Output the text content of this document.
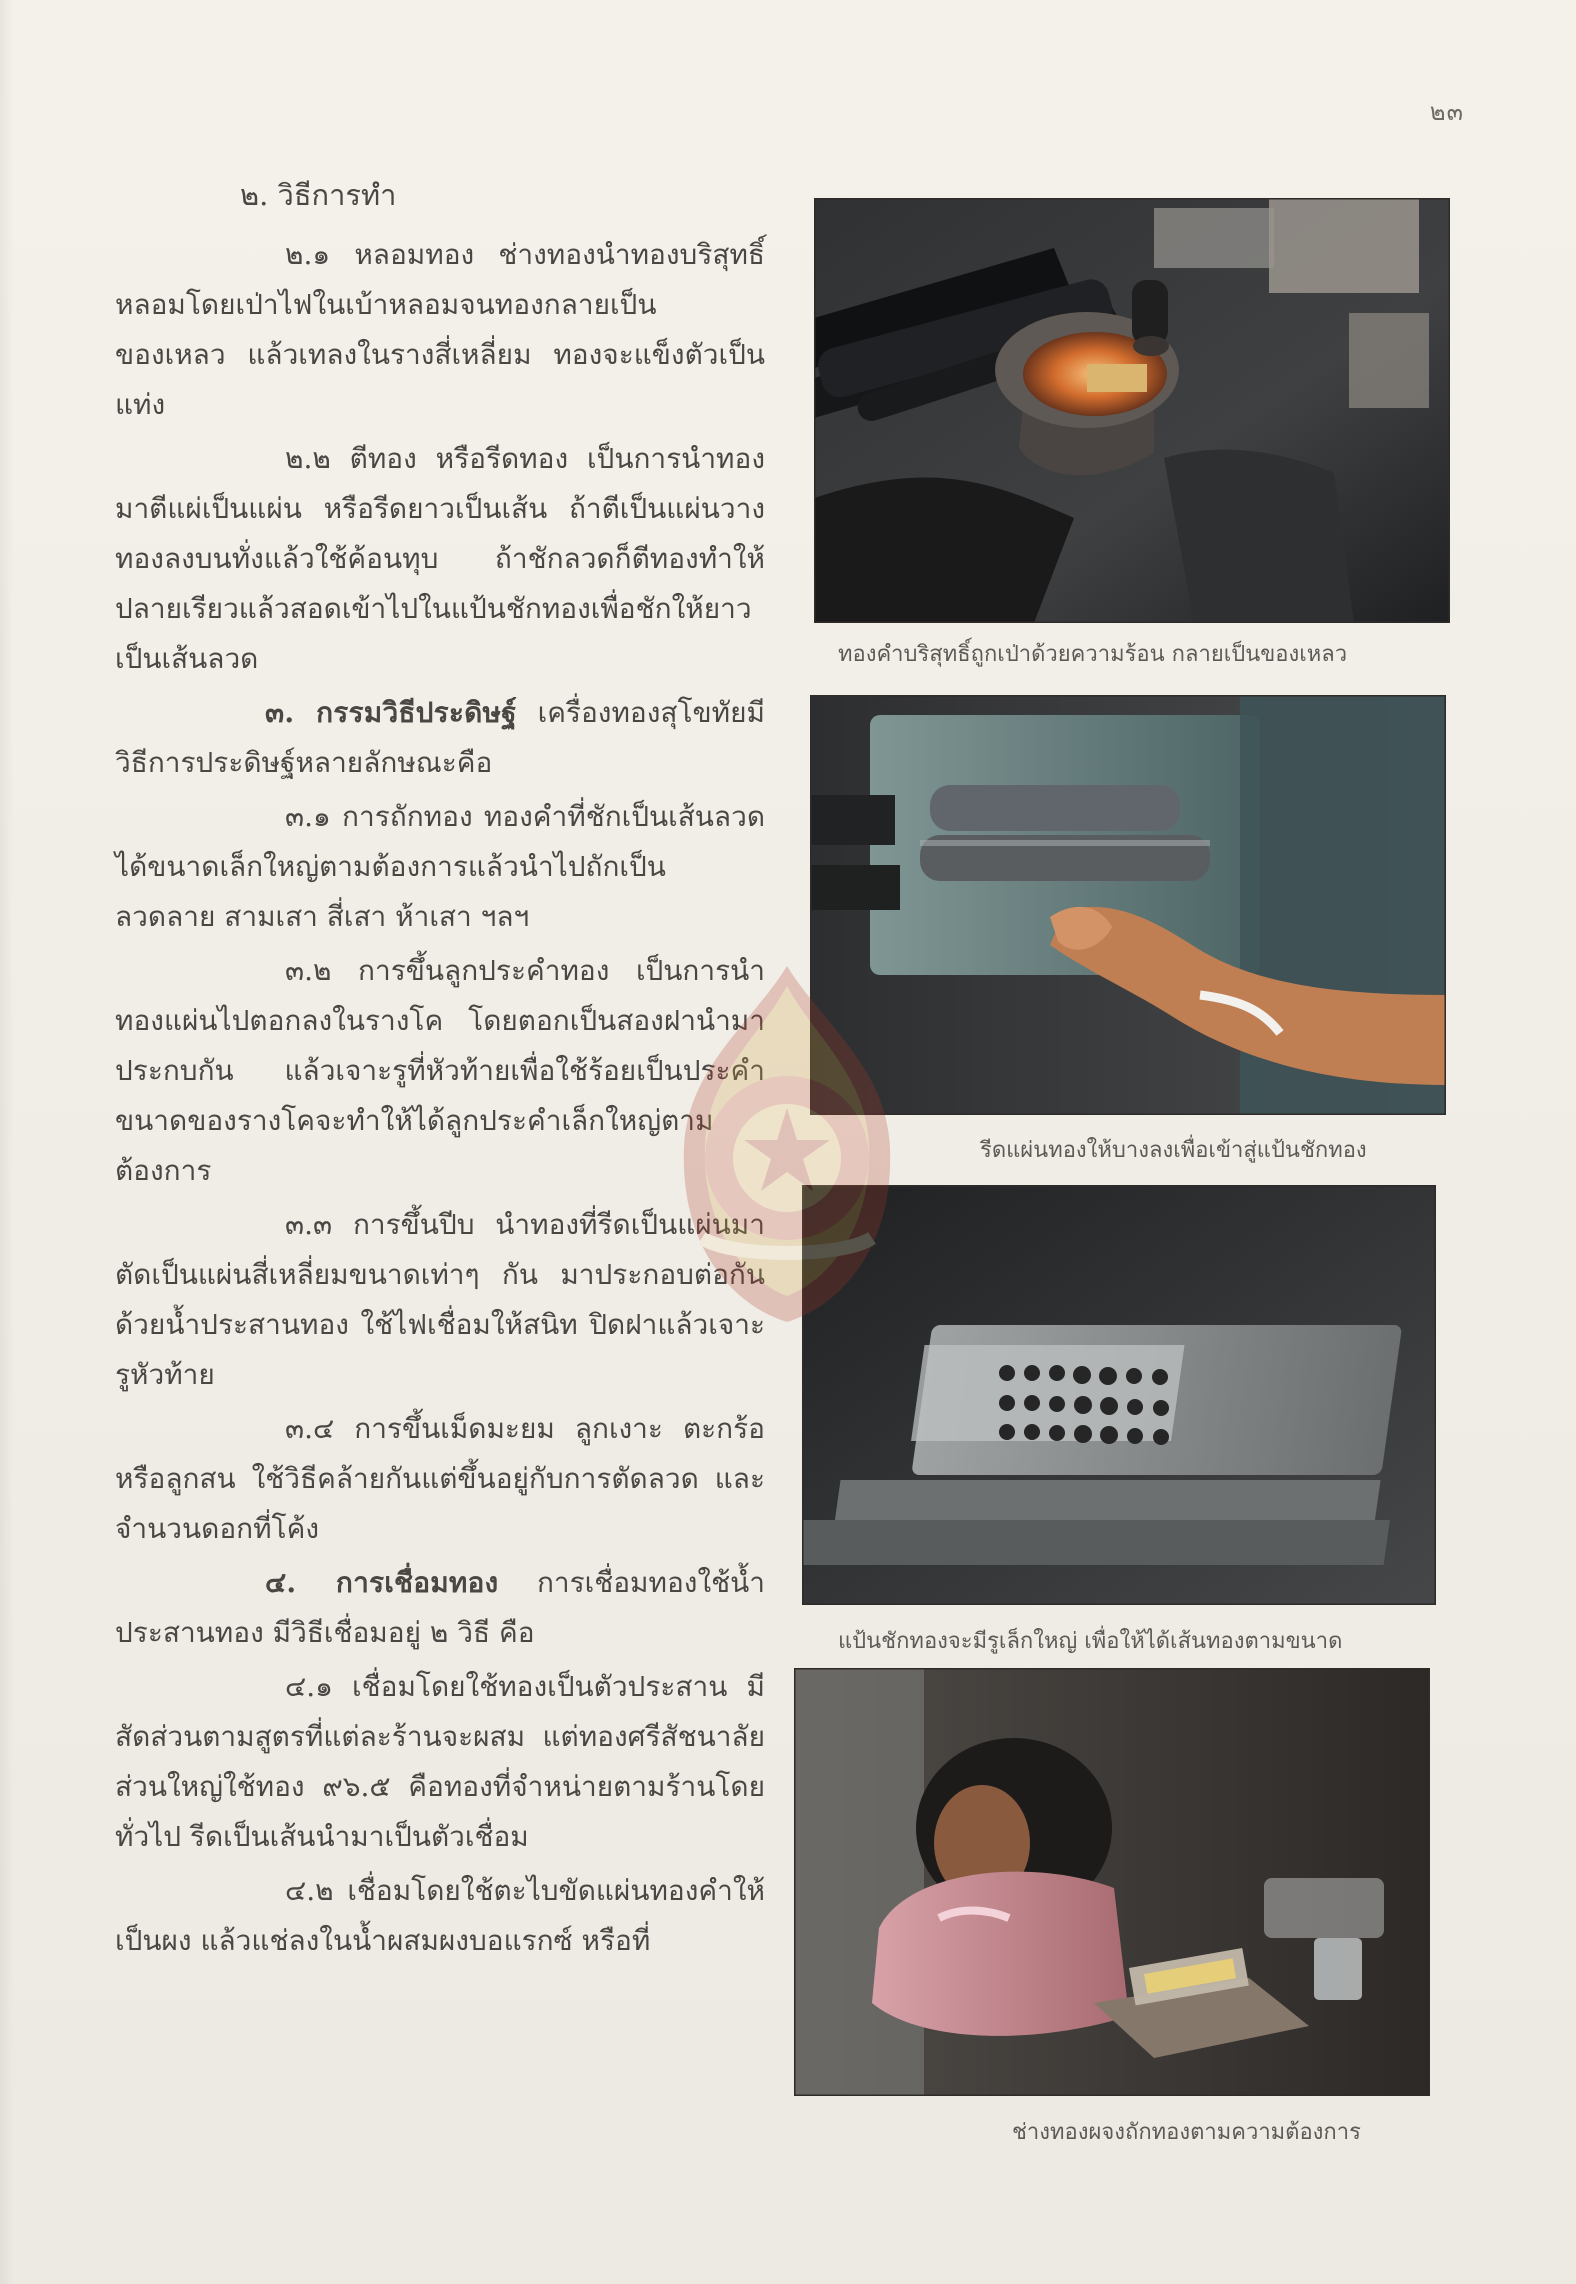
๒๓

๒. วิธีการทำ

๒.๑ หลอมทอง ช่างทองนำทองบริสุทธิ์หลอมโดยเป่าไฟในเบ้าหลอมจนทองกลายเป็นของเหลว แล้วเทลงในรางสี่เหลี่ยม ทองจะแข็งตัวเป็นแท่ง

๒.๒ ตีทอง หรือรีดทอง เป็นการนำทองมาตีแผ่เป็นแผ่น หรือรีดยาวเป็นเส้น ถ้าตีเป็นแผ่นวางทองลงบนทั่งแล้วใช้ค้อนทุบ ถ้าชักลวดก็ตีทองทำให้ปลายเรียวแล้วสอดเข้าไปในแป้นชักทองเพื่อชักให้ยาวเป็นเส้นลวด

๓. กรรมวิธีประดิษฐ์ เครื่องทองสุโขทัยมีวิธีการประดิษฐ์หลายลักษณะคือ

๓.๑ การถักทอง ทองคำที่ชักเป็นเส้นลวดได้ขนาดเล็กใหญ่ตามต้องการแล้วนำไปถักเป็นลวดลาย สามเสา สี่เสา ห้าเสา ฯลฯ

๓.๒ การขึ้นลูกประคำทอง เป็นการนำทองแผ่นไปตอกลงในรางโค โดยตอกเป็นสองฝานำมาประกบกัน แล้วเจาะรูที่หัวท้ายเพื่อใช้ร้อยเป็นประคำ ขนาดของรางโคจะทำให้ได้ลูกประคำเล็กใหญ่ตามต้องการ

๓.๓ การขึ้นปีบ นำทองที่รีดเป็นแผ่นมาตัดเป็นแผ่นสี่เหลี่ยมขนาดเท่าๆ กัน มาประกอบต่อกันด้วยน้ำประสานทอง ใช้ไฟเชื่อมให้สนิท ปิดฝาแล้วเจาะรูหัวท้าย

๓.๔ การขึ้นเม็ดมะยม ลูกเงาะ ตะกร้อ หรือลูกสน ใช้วิธีคล้ายกันแต่ขึ้นอยู่กับการตัดลวด และจำนวนดอกที่โค้ง

๔. การเชื่อมทอง การเชื่อมทองใช้น้ำประสานทอง มีวิธีเชื่อมอยู่ ๒ วิธี คือ

๔.๑ เชื่อมโดยใช้ทองเป็นตัวประสาน มีสัดส่วนตามสูตรที่แต่ละร้านจะผสม แต่ทองศรีสัชนาลัยส่วนใหญ่ใช้ทอง ๙๖.๕ คือทองที่จำหน่ายตามร้านโดยทั่วไป รีดเป็นเส้นนำมาเป็นตัวเชื่อม

๔.๒ เชื่อมโดยใช้ตะไบขัดแผ่นทองคำให้เป็นผง แล้วแช่ลงในน้ำผสมผงบอแรกซ์ หรือที่

ทองคำบริสุทธิ์ถูกเป่าด้วยความร้อน กลายเป็นของเหลว
รีดแผ่นทองให้บางลงเพื่อเข้าสู่แป้นชักทอง
แป้นชักทองจะมีรูเล็กใหญ่ เพื่อให้ได้เส้นทองตามขนาด
ช่างทองผจงถักทองตามความต้องการ
